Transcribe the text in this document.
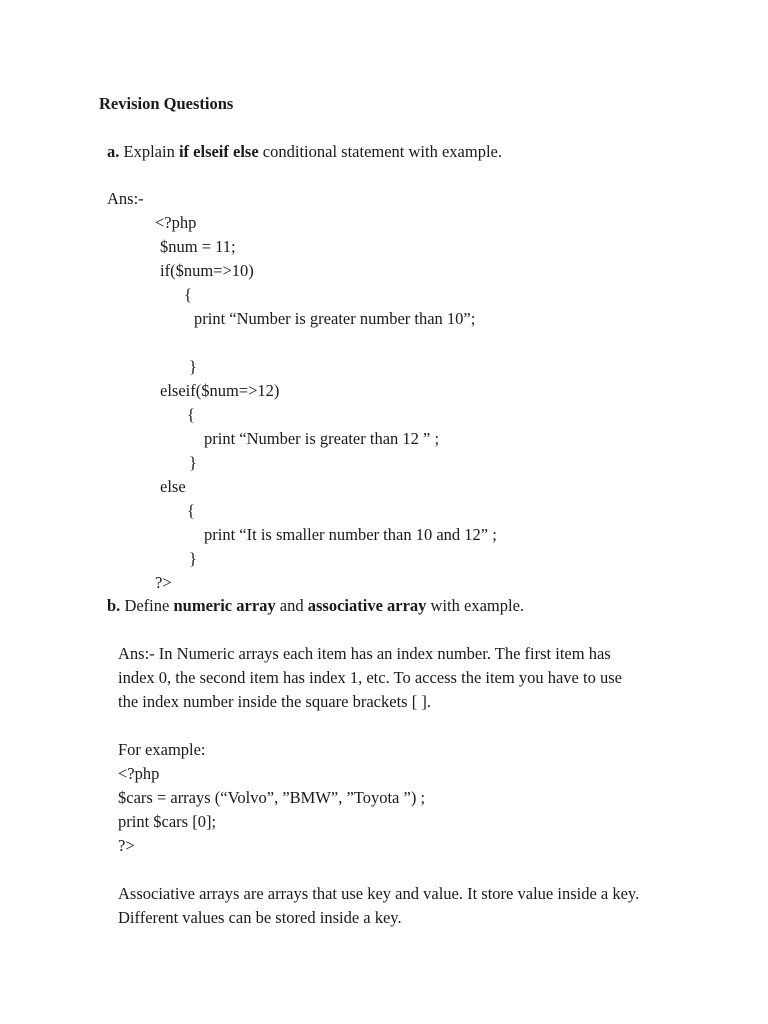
Revision Questions
a. Explain if elseif else conditional statement with example.
Ans:-
<?php
$num = 11;
if($num=>10)
{
print “Number is greater number than 10”;
}
elseif($num=>12)
{
print “Number is greater than 12 ” ;
}
else
{
print “It is smaller number than 10 and 12” ;
}
?>
b. Define numeric array and associative array with example.
Ans:- In Numeric arrays each item has an index number. The first item has
index 0, the second item has index 1, etc. To access the item you have to use
the index number inside the square brackets [ ].
For example:
<?php
$cars = arrays (“Volvo”, ”BMW”, ”Toyota ”) ;
print $cars [0];
?>
Associative arrays are arrays that use key and value. It store value inside a key.
Different values can be stored inside a key.
